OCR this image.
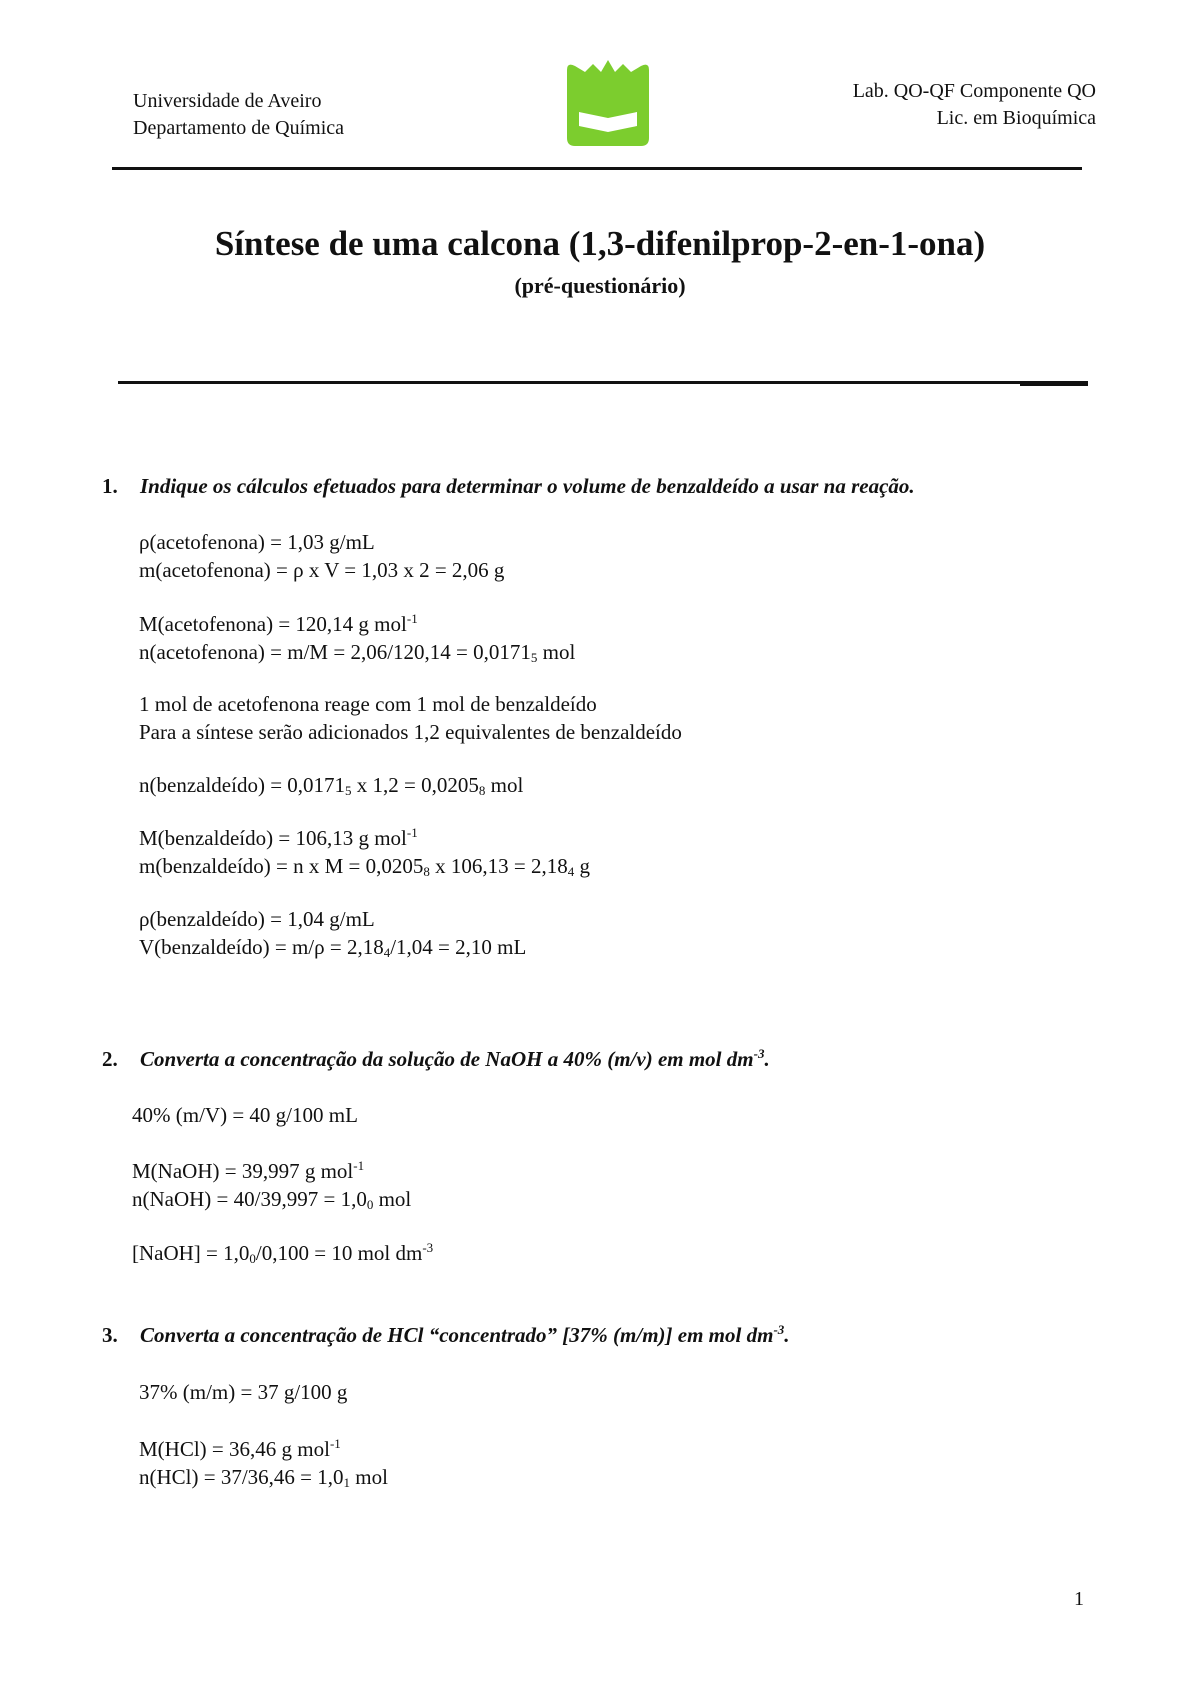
Universidade de Aveiro
Departamento de Química
Lab. QO-QF Componente QO
Lic. em Bioquímica
Síntese de uma calcona (1,3-difenilprop-2-en-1-ona)
(pré-questionário)
1. Indique os cálculos efetuados para determinar o volume de benzaldeído a usar na reação.
ρ(acetofenona) = 1,03 g/mL
m(acetofenona) = ρ x V = 1,03 x 2 = 2,06 g
M(acetofenona) = 120,14 g mol$^{-1}$
n(acetofenona) = $m/M = 2,06/120,14 = 0,0171_5$ mol
1 mol de acetofenona reage com 1 mol de benzaldeído
Para a síntese serão adicionados 1,2 equivalentes de benzaldeído
n(benzaldeído) = $0,0171_5$ x $1,2 = 0,0205_8$ mol
M(benzaldeído) = 106,13 g mol$^{-1}$
m(benzaldeído) = n x $M = 0,0205_8$ x $106,13 = 2,18_4$ g
ρ(benzaldeído) = 1,04 g/mL
V(benzaldeído) = $m/\rho = 2,18_4/1,04 = 2,10$ mL
2. Converta a concentração da solução de NaOH a 40% (m/v) em mol $dm^{-3}$.
40% (m/V) = 40 g/100 mL
M(NaOH) = 39,997 g mol$^{-1}$
n(NaOH) = $40/39,997 = 1,0_0$ mol
[NaOH] = $1,0_0/0,100 = 10$ mol $dm^{-3}$
3. Converta a concentração de HCl “concentrado” [37% (m/m)] em mol $dm^{-3}$.
37% (m/m) = 37 g/100 g
M(HCl) = 36,46 g mol$^{-1}$
$n(HCl) = 37/36,46 = 1,0_1$ mol
1
